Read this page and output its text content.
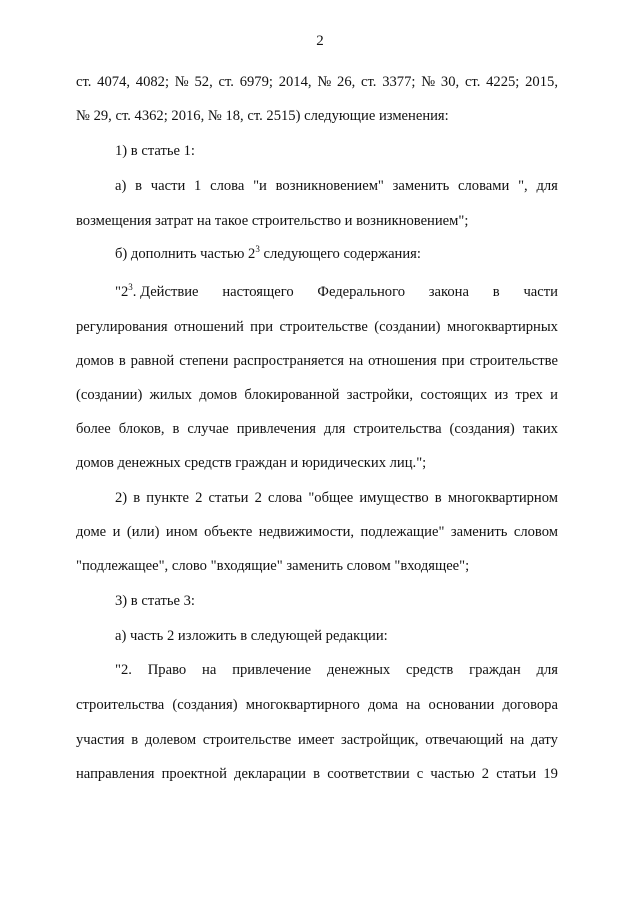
2
ст. 4074, 4082; № 52, ст. 6979; 2014, № 26, ст. 3377; № 30, ст. 4225; 2015,
№ 29, ст. 4362; 2016, № 18, ст. 2515) следующие изменения:
1) в статье 1:
а) в части 1 слова "и возникновением" заменить словами ", для
возмещения затрат на такое строительство и возникновением";
б) дополнить частью $2^3$ следующего содержания:
"$2^3$. Действие настоящего Федерального закона в части
регулирования отношений при строительстве (создании) многоквартирных
домов в равной степени распространяется на отношения при строительстве
(создании) жилых домов блокированной застройки, состоящих из трех и
более блоков, в случае привлечения для строительства (создания) таких
домов денежных средств граждан и юридических лиц.";
2) в пункте 2 статьи 2 слова "общее имущество в многоквартирном
доме и (или) ином объекте недвижимости, подлежащие" заменить словом
"подлежащее", слово "входящие" заменить словом "входящее";
3) в статье 3:
а) часть 2 изложить в следующей редакции:
"2. Право на привлечение денежных средств граждан для
строительства (создания) многоквартирного дома на основании договора
участия в долевом строительстве имеет застройщик, отвечающий на дату
направления проектной декларации в соответствии с частью 2 статьи 19
